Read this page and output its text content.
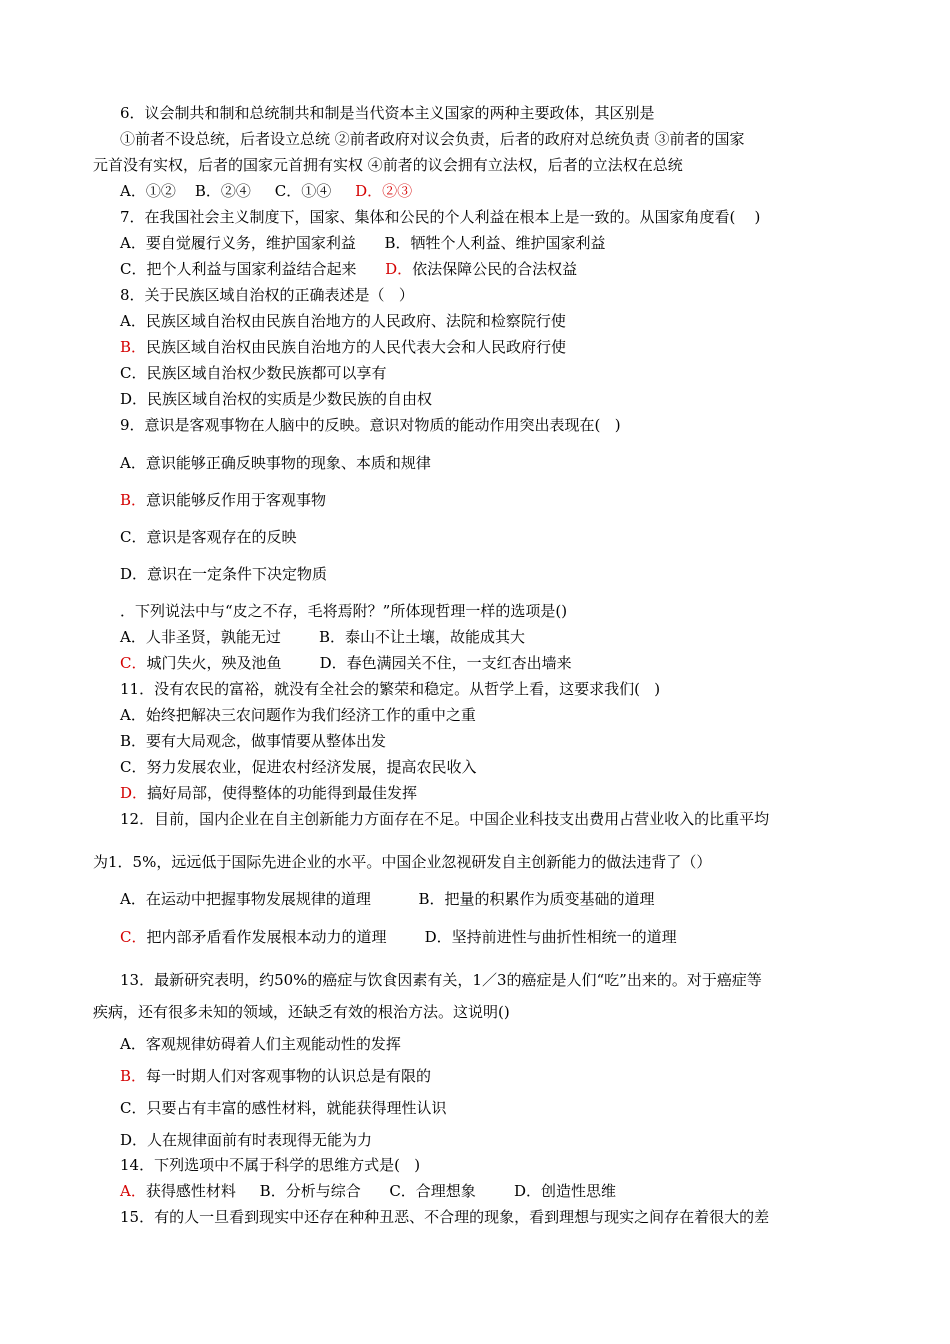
6．议会制共和制和总统制共和制是当代资本主义国家的两种主要政体，其区别是
①前者不设总统，后者设立总统 ②前者政府对议会负责，后者的政府对总统负责 ③前者的国家
元首没有实权，后者的国家元首拥有实权 ④前者的议会拥有立法权，后者的立法权在总统
A．①②    B．②④     C．①④     D．②③
7．在我国社会主义制度下，国家、集体和公民的个人利益在根本上是一致的。从国家角度看(    )
A．要自觉履行义务，维护国家利益      B．牺牲个人利益、维护国家利益
C．把个人利益与国家利益结合起来      D．依法保障公民的合法权益
8．关于民族区域自治权的正确表述是（   ）
A．民族区域自治权由民族自治地方的人民政府、法院和检察院行使
B．民族区域自治权由民族自治地方的人民代表大会和人民政府行使
C．民族区域自治权少数民族都可以享有
D．民族区域自治权的实质是少数民族的自由权
9．意识是客观事物在人脑中的反映。意识对物质的能动作用突出表现在(   )
A．意识能够正确反映事物的现象、本质和规律
B．意识能够反作用于客观事物
C．意识是客观存在的反映
D．意识在一定条件下决定物质
．下列说法中与“皮之不存，毛将焉附？”所体现哲理一样的选项是()
A．人非圣贤，孰能无过        B．泰山不让土壤，故能成其大
C．城门失火，殃及池鱼        D．春色满园关不住，一支红杏出墙来
11．没有农民的富裕，就没有全社会的繁荣和稳定。从哲学上看，这要求我们(   )
A．始终把解决三农问题作为我们经济工作的重中之重
B．要有大局观念，做事情要从整体出发
C．努力发展农业，促进农村经济发展，提高农民收入
D．搞好局部，使得整体的功能得到最佳发挥
12．目前，国内企业在自主创新能力方面存在不足。中国企业科技支出费用占营业收入的比重平均
为1．5%，远远低于国际先进企业的水平。中国企业忽视研发自主创新能力的做法违背了（）
A．在运动中把握事物发展规律的道理          B．把量的积累作为质变基础的道理
C．把内部矛盾看作发展根本动力的道理        D．坚持前进性与曲折性相统一的道理
13．最新研究表明，约50%的癌症与饮食因素有关，1／3的癌症是人们“吃”出来的。对于癌症等
疾病，还有很多未知的领域，还缺乏有效的根治方法。这说明()
A．客观规律妨碍着人们主观能动性的发挥
B．每一时期人们对客观事物的认识总是有限的
C．只要占有丰富的感性材料，就能获得理性认识
D．人在规律面前有时表现得无能为力
14．下列选项中不属于科学的思维方式是(   )
A．获得感性材料     B．分析与综合      C．合理想象        D．创造性思维
15．有的人一旦看到现实中还存在种种丑恶、不合理的现象，看到理想与现实之间存在着很大的差
